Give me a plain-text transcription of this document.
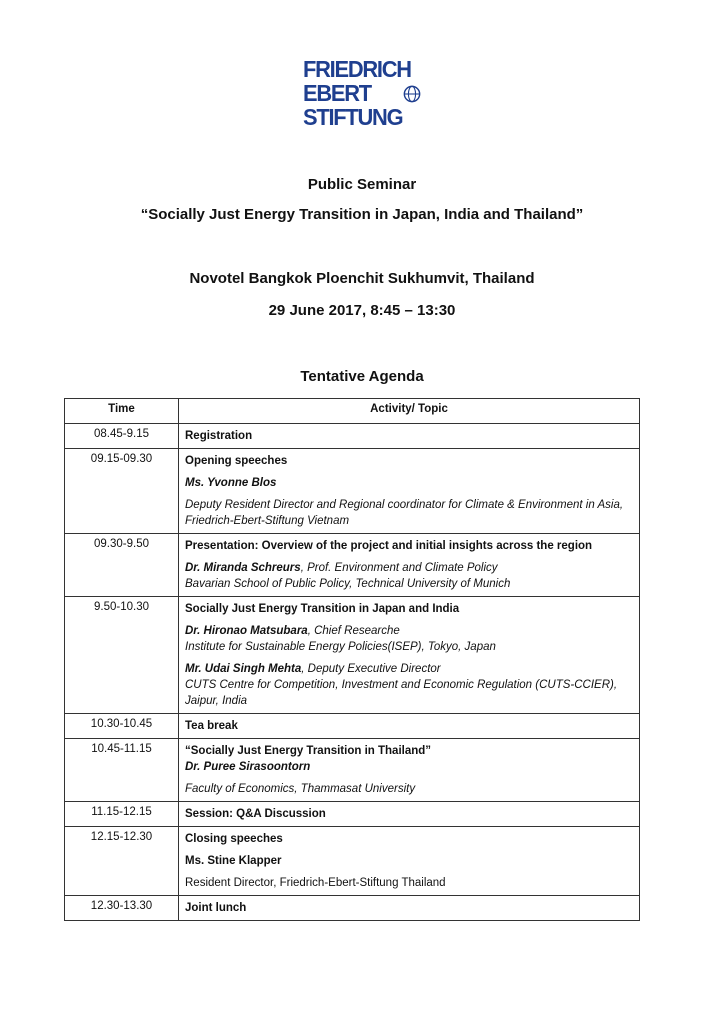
FRIEDRICH
EBERT
STIFTUNG
Public Seminar
“Socially Just Energy Transition in Japan, India and Thailand”
Novotel Bangkok Ploenchit Sukhumvit, Thailand
29 June 2017, 8:45 – 13:30
Tentative Agenda
Time	Activity/ Topic
08.45-9.15	Registration

09.15-09.30	Opening speeches

Ms. Yvonne Blos

Deputy Resident Director and Regional coordinator for Climate & Environment in Asia, Friedrich-Ebert-Stiftung Vietnam

09.30-9.50	Presentation: Overview of the project and initial insights across the region

Dr. Miranda Schreurs, Prof. Environment and Climate Policy

Bavarian School of Public Policy, Technical University of Munich

9.50-10.30	Socially Just Energy Transition in Japan and India

Dr. Hironao Matsubara, Chief Researche
Institute for Sustainable Energy Policies(ISEP), Tokyo, Japan

Mr. Udai Singh Mehta, Deputy Executive Director
CUTS Centre for Competition, Investment and Economic Regulation (CUTS-CCIER), Jaipur, India

10.30-10.45	Tea break

10.45-11.15	“Socially Just Energy Transition in Thailand”

Dr. Puree Sirasoontorn

Faculty of Economics, Thammasat University

11.15-12.15	Session: Q&A Discussion

12.15-12.30	Closing speeches

Ms. Stine Klapper

Resident Director, Friedrich-Ebert-Stiftung Thailand

12.30-13.30	Joint lunch
